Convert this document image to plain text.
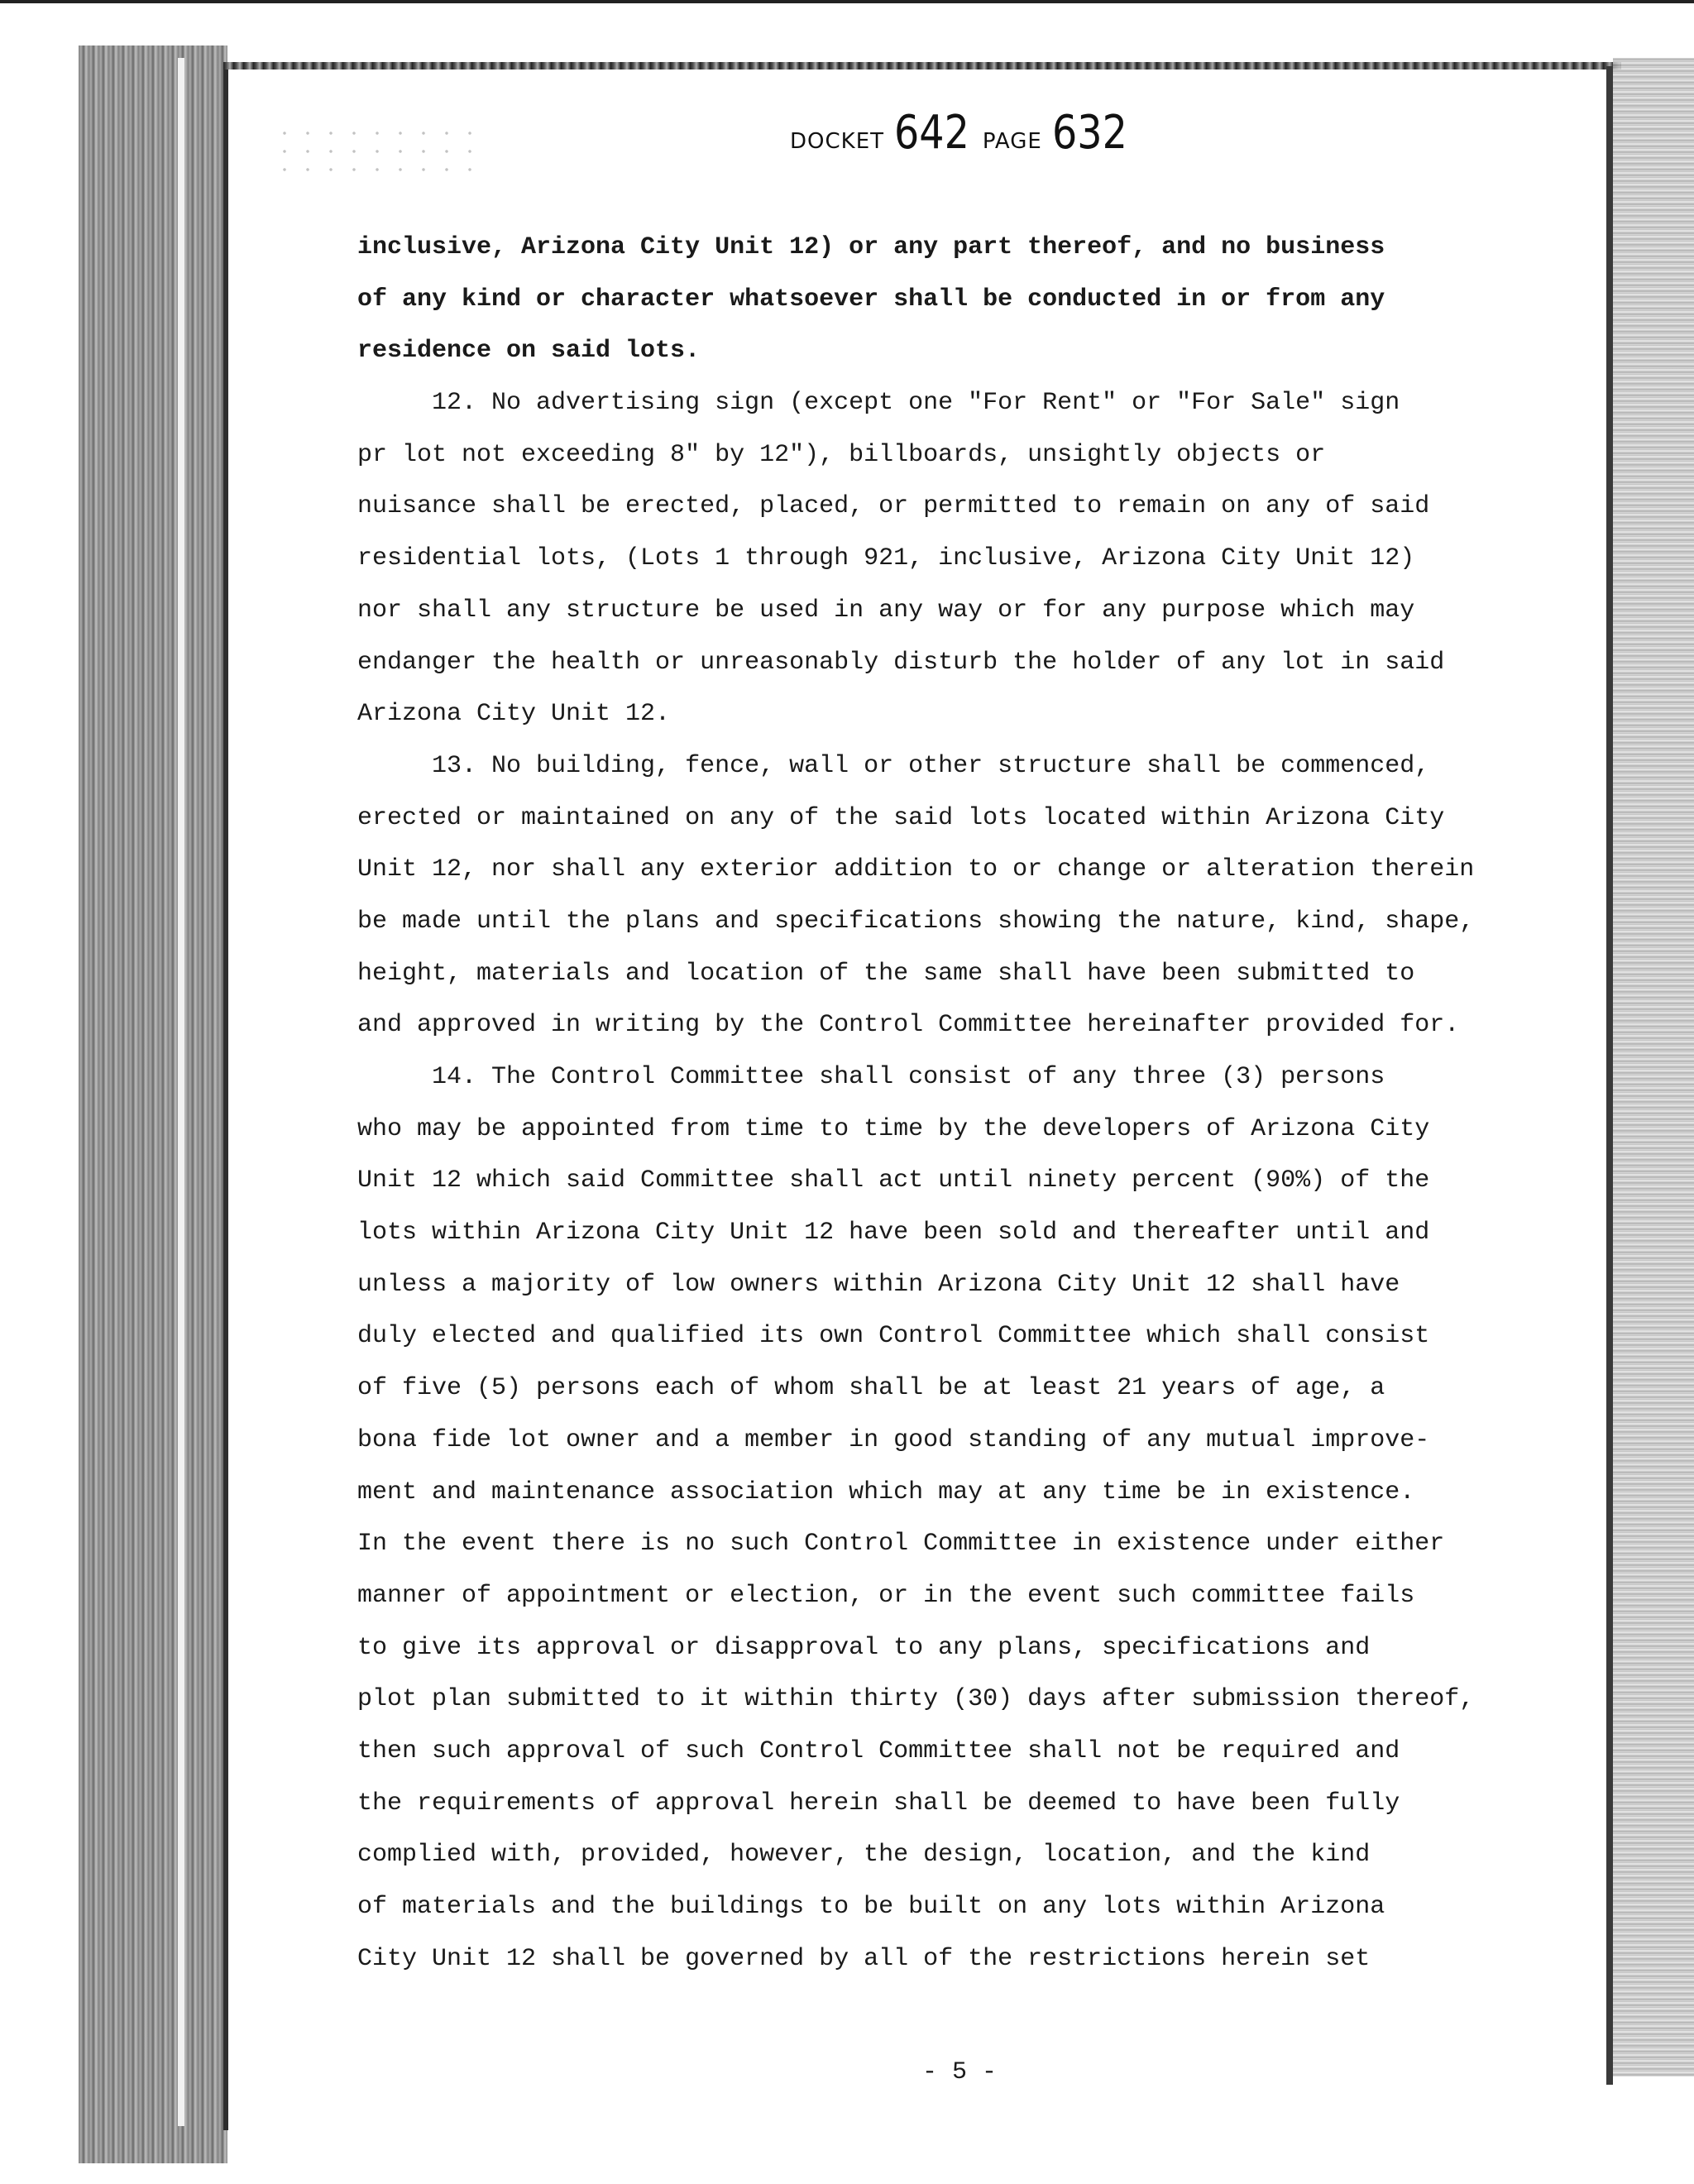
DOCKET 642 PAGE 632
inclusive, Arizona City Unit 12) or any part thereof, and no business
of any kind or character whatsoever shall be conducted in or from any
residence on said lots.
12. No advertising sign (except one "For Rent" or "For Sale" sign
pr lot not exceeding 8" by 12"), billboards, unsightly objects or
nuisance shall be erected, placed, or permitted to remain on any of said
residential lots, (Lots 1 through 921, inclusive, Arizona City Unit 12)
nor shall any structure be used in any way or for any purpose which may
endanger the health or unreasonably disturb the holder of any lot in said
Arizona City Unit 12.
13. No building, fence, wall or other structure shall be commenced,
erected or maintained on any of the said lots located within Arizona City
Unit 12, nor shall any exterior addition to or change or alteration therein
be made until the plans and specifications showing the nature, kind, shape,
height, materials and location of the same shall have been submitted to
and approved in writing by the Control Committee hereinafter provided for.
14. The Control Committee shall consist of any three (3) persons
who may be appointed from time to time by the developers of Arizona City
Unit 12 which said Committee shall act until ninety percent (90%) of the
lots within Arizona City Unit 12 have been sold and thereafter until and
unless a majority of low owners within Arizona City Unit 12 shall have
duly elected and qualified its own Control Committee which shall consist
of five (5) persons each of whom shall be at least 21 years of age, a
bona fide lot owner and a member in good standing of any mutual improve-
ment and maintenance association which may at any time be in existence.
In the event there is no such Control Committee in existence under either
manner of appointment or election, or in the event such committee fails
to give its approval or disapproval to any plans, specifications and
plot plan submitted to it within thirty (30) days after submission thereof,
then such approval of such Control Committee shall not be required and
the requirements of approval herein shall be deemed to have been fully
complied with, provided, however, the design, location, and the kind
of materials and the buildings to be built on any lots within Arizona
City Unit 12 shall be governed by all of the restrictions herein set
- 5 -
